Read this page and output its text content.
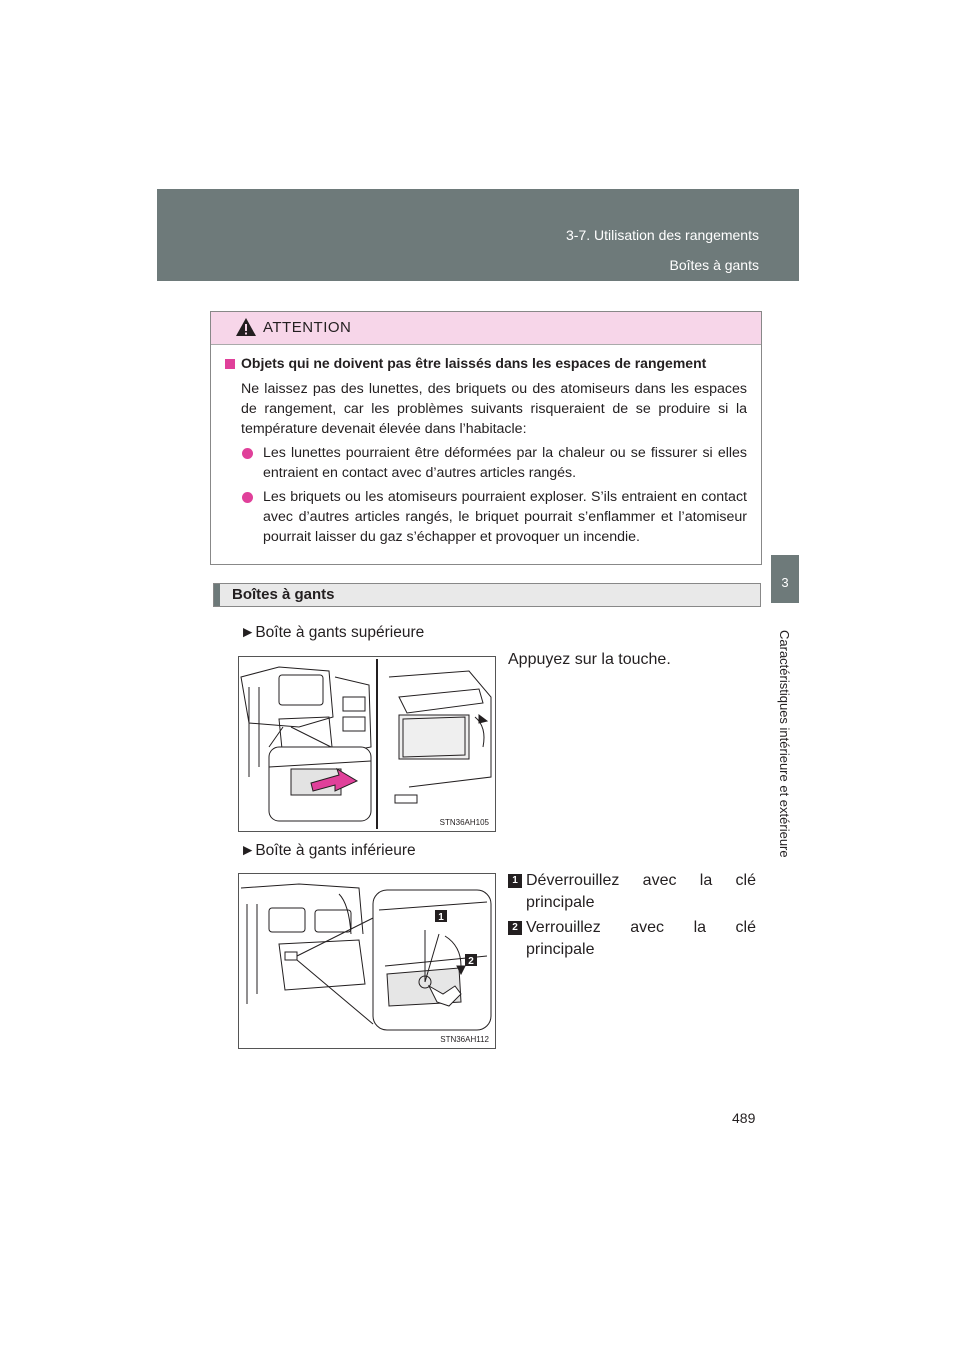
3-7. Utilisation des rangements
Boîtes à gants
3
Caractéristiques intérieure et extérieure
ATTENTION
Objets qui ne doivent pas être laissés dans les espaces de rangement
Ne laissez pas des lunettes, des briquets ou des atomiseurs dans les espaces de rangement, car les problèmes suivants risqueraient de se produire si la température devenait élevée dans l’habitacle:
Les lunettes pourraient être déformées par la chaleur ou se fissurer si elles entraient en contact avec d’autres articles rangés.
Les briquets ou les atomiseurs pourraient exploser. S’ils entraient en contact avec d’autres articles rangés, le briquet pourrait s’enflammer et l’atomiseur pourrait laisser du gaz s’échapper et provoquer un incendie.
Boîtes à gants
►Boîte à gants supérieure
STN36AH105
Appuyez sur la touche.
►Boîte à gants inférieure
1
2
STN36AH112
1 Déverrouillez avec la clé
principale
2 Verrouillez avec la clé
principale
489
